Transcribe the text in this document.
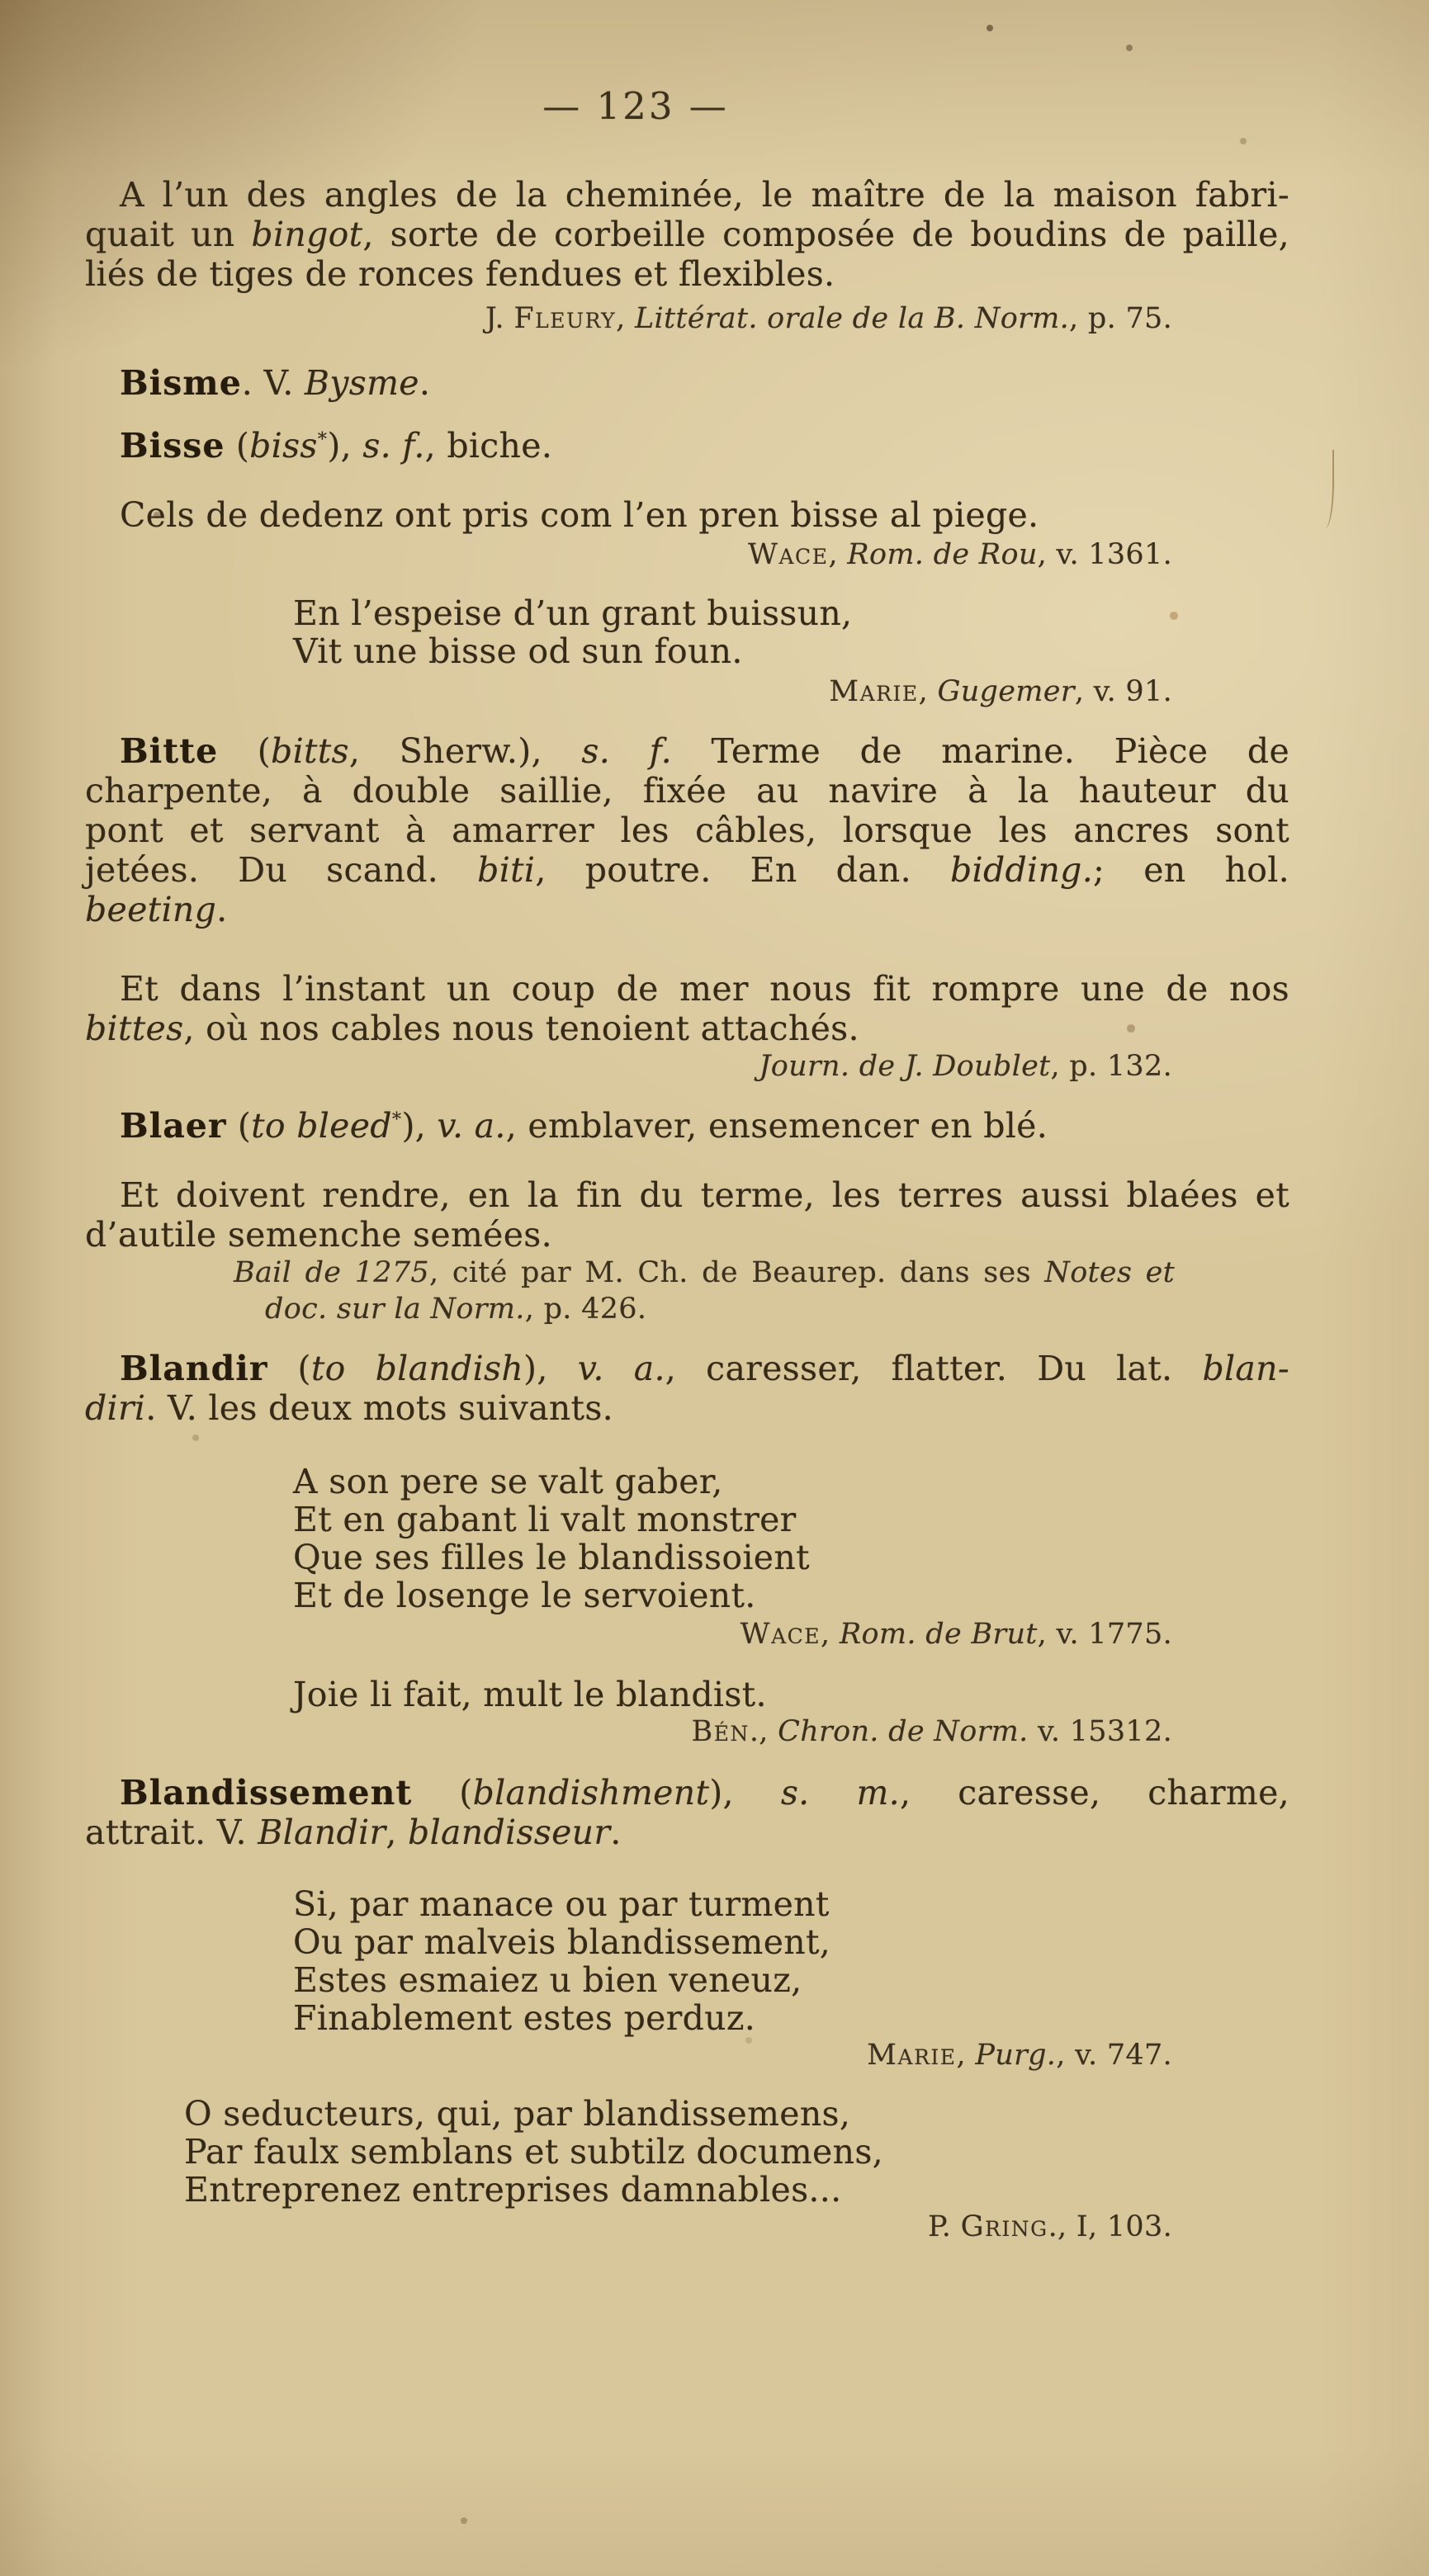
— 123 —
A l’un des angles de la cheminée, le maître de la maison fabri-
quait un bingot, sorte de corbeille composée de boudins de paille,
liés de tiges de ronces fendues et flexibles.
J. Fleury, Littérat. orale de la B. Norm., p. 75.
Bisme. V. Bysme.
Bisse (biss*), s. f., biche.
Cels de dedenz ont pris com l’en pren bisse al piege.
Wace, Rom. de Rou, v. 1361.
En l’espeise d’un grant buissun,
Vit une bisse od sun foun.
Marie, Gugemer, v. 91.
Bitte (bitts, Sherw.), s. f. Terme de marine. Pièce de
charpente, à double saillie, fixée au navire à la hauteur du
pont et servant à amarrer les câbles, lorsque les ancres sont
jetées. Du scand. biti, poutre. En dan. bidding.; en hol.
beeting.
Et dans l’instant un coup de mer nous fit rompre une de nos
bittes, où nos cables nous tenoient attachés.
Journ. de J. Doublet, p. 132.
Blaer (to bleed*), v. a., emblaver, ensemencer en blé.
Et doivent rendre, en la fin du terme, les terres aussi blaées et
d’autile semenche semées.
Bail de 1275, cité par M. Ch. de Beaurep. dans ses Notes et
doc. sur la Norm., p. 426.
Blandir (to blandish), v. a., caresser, flatter. Du lat. blan-
diri. V. les deux mots suivants.
A son pere se valt gaber,
Et en gabant li valt monstrer
Que ses filles le blandissoient
Et de losenge le servoient.
Wace, Rom. de Brut, v. 1775.
Joie li fait, mult le blandist.
Bén., Chron. de Norm. v. 15312.
Blandissement (blandishment), s. m., caresse, charme,
attrait. V. Blandir, blandisseur.
Si, par manace ou par turment
Ou par malveis blandissement,
Estes esmaiez u bien veneuz,
Finablement estes perduz.
Marie, Purg., v. 747.
O seducteurs, qui, par blandissemens,
Par faulx semblans et subtilz documens,
Entreprenez entreprises damnables...
P. Gring., I, 103.
